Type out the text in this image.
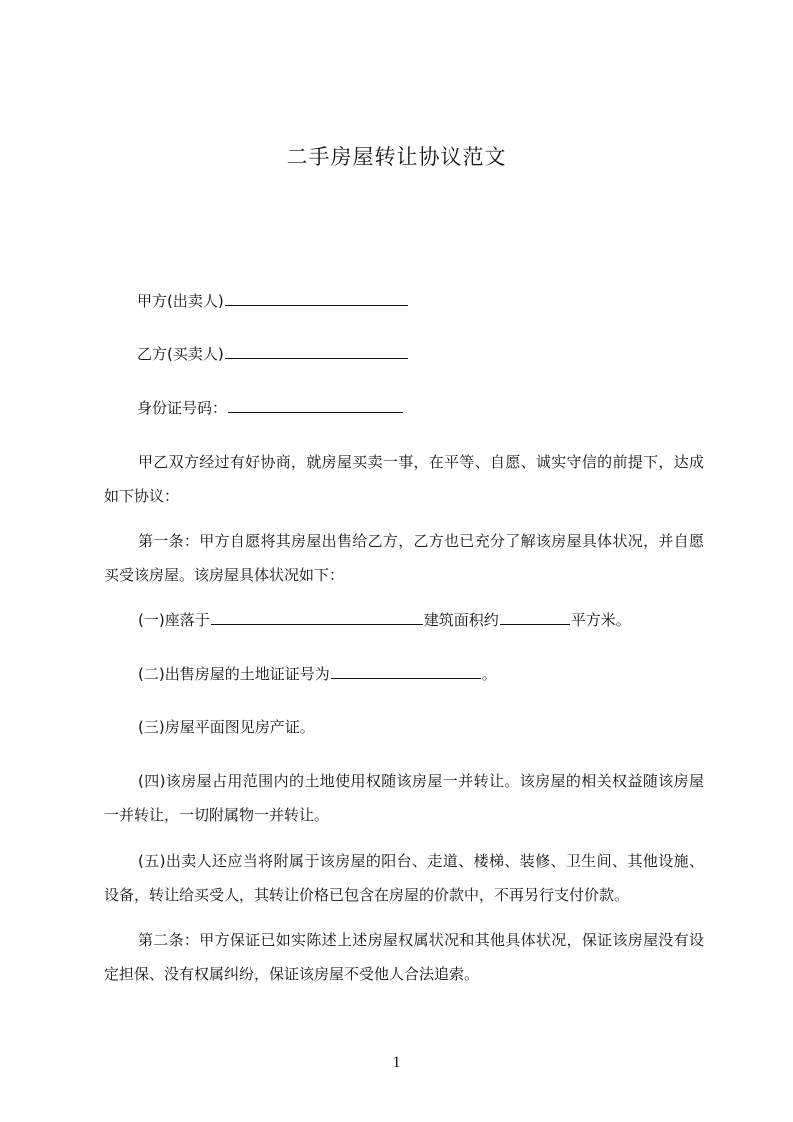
二手房屋转让协议范文
甲方(出卖人)
乙方(买卖人)
身份证号码：
甲乙双方经过有好协商，就房屋买卖一事，在平等、自愿、诚实守信的前提下，达成如下协议：
第一条：甲方自愿将其房屋出售给乙方，乙方也已充分了解该房屋具体状况，并自愿买受该房屋。该房屋具体状况如下：
(一)座落于	建筑面积约	平方米。
(二)出售房屋的土地证证号为	。
(三)房屋平面图见房产证。
(四)该房屋占用范围内的土地使用权随该房屋一并转让。该房屋的相关权益随该房屋一并转让，一切附属物一并转让。
(五)出卖人还应当将附属于该房屋的阳台、走道、楼梯、装修、卫生间、其他设施、设备，转让给买受人，其转让价格已包含在房屋的价款中，不再另行支付价款。
第二条：甲方保证已如实陈述上述房屋权属状况和其他具体状况，保证该房屋没有设定担保、没有权属纠纷，保证该房屋不受他人合法追索。
1
